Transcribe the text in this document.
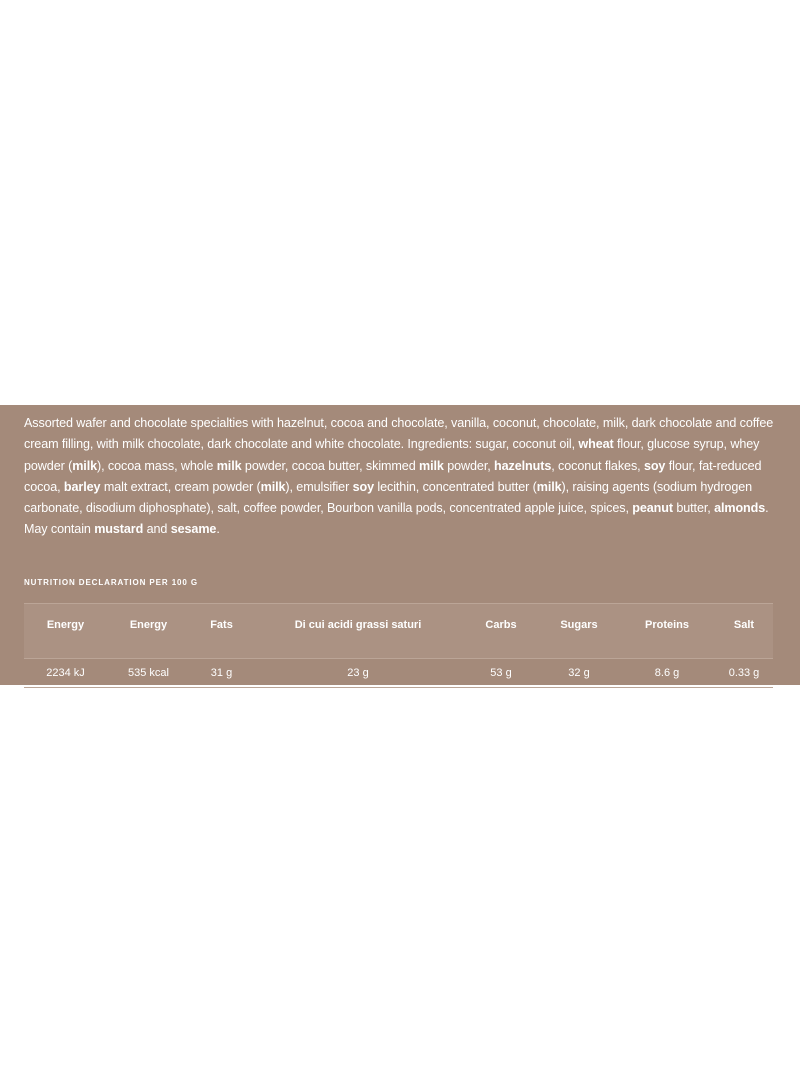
Assorted wafer and chocolate specialties with hazelnut, cocoa and chocolate, vanilla, coconut, chocolate, milk, dark chocolate and coffee cream filling, with milk chocolate, dark chocolate and white chocolate. Ingredients: sugar, coconut oil, wheat flour, glucose syrup, whey powder (milk), cocoa mass, whole milk powder, cocoa butter, skimmed milk powder, hazelnuts, coconut flakes, soy flour, fat-reduced cocoa, barley malt extract, cream powder (milk), emulsifier soy lecithin, concentrated butter (milk), raising agents (sodium hydrogen carbonate, disodium diphosphate), salt, coffee powder, Bourbon vanilla pods, concentrated apple juice, spices, peanut butter, almonds. May contain mustard and sesame.

NUTRITION DECLARATION PER 100 G
Energy	Energy	Fats	Di cui acidi grassi saturi	Carbs	Sugars	Proteins	Salt
2234 kJ	535 kcal	31 g	23 g	53 g	32 g	8.6 g	0.33 g
